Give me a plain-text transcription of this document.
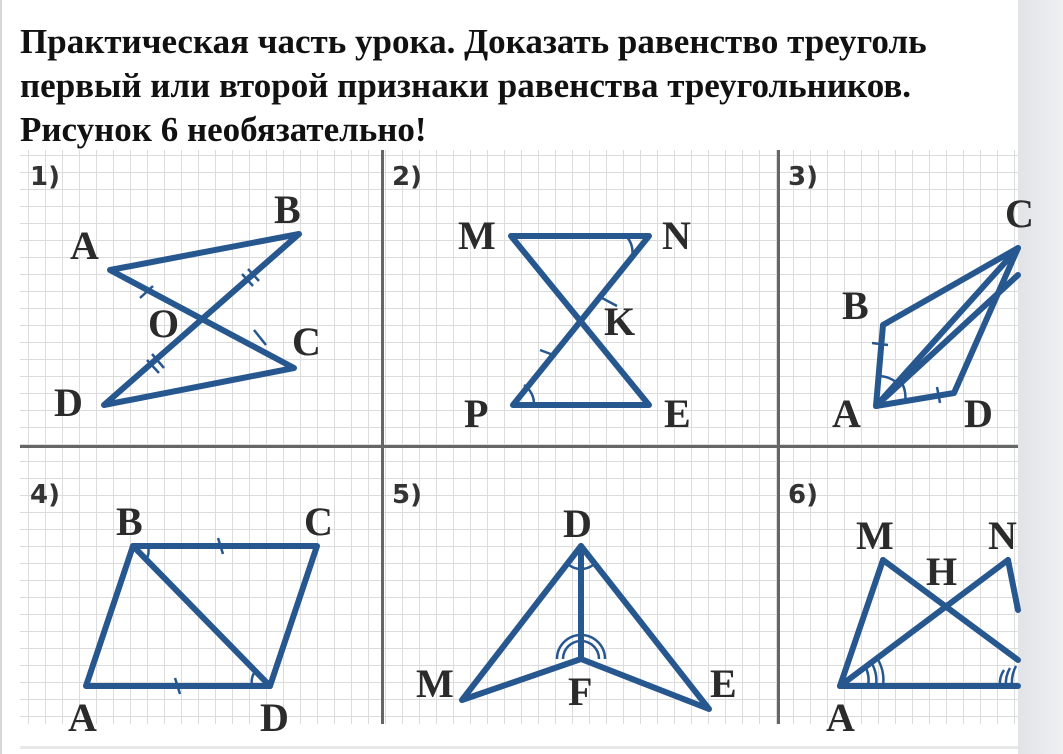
Практическая часть урока. Доказать равенство треуголь
первый или второй признаки равенства треугольников.
Рисунок 6 необязательно!
1)
A
B
O	C
D
2)
M	N
K
P	E
3)
C
B
A	D
4)
B	C
A	D
5)
D
M	F	E
6)
M N
H
A
